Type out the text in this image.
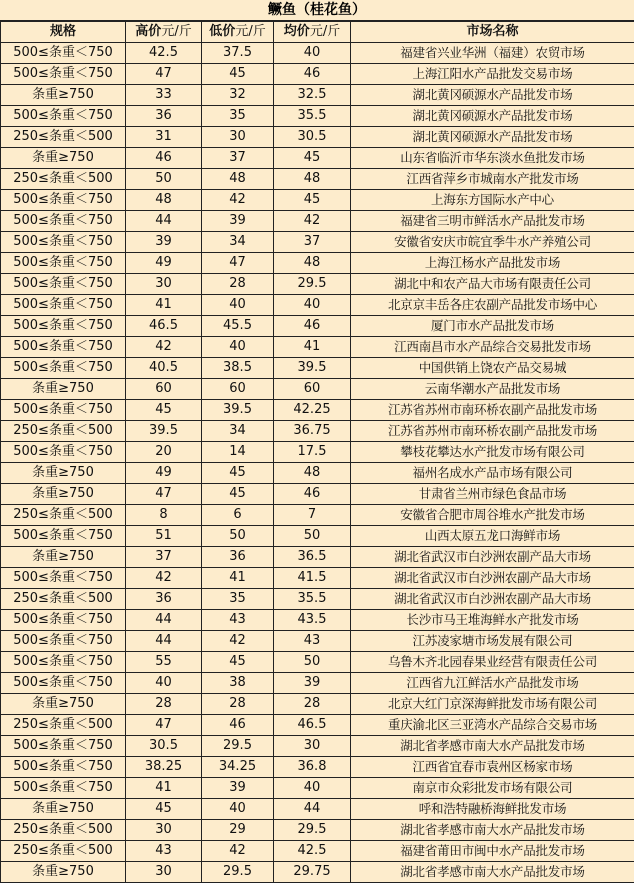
鳜鱼（桂花鱼）
规格	高价元/斤	低价元/斤	均价元/斤	市场名称
500≤条重＜750	42.5	37.5	40	福建省兴业华洲（福建）农贸市场
500≤条重＜750	47	45	46	上海江阳水产品批发交易市场
条重≥750	33	32	32.5	湖北黄冈硕源水产品批发市场
500≤条重＜750	36	35	35.5	湖北黄冈硕源水产品批发市场
250≤条重＜500	31	30	30.5	湖北黄冈硕源水产品批发市场
条重≥750	46	37	45	山东省临沂市华东淡水鱼批发市场
250≤条重＜500	50	48	48	江西省萍乡市城南水产批发市场
500≤条重＜750	48	42	45	上海东方国际水产中心
500≤条重＜750	44	39	42	福建省三明市鲜活水产品批发市场
500≤条重＜750	39	34	37	安徽省安庆市皖宜季牛水产养殖公司
500≤条重＜750	49	47	48	上海江杨水产品批发市场
500≤条重＜750	30	28	29.5	湖北中和农产品大市场有限责任公司
500≤条重＜750	41	40	40	北京京丰岳各庄农副产品批发市场中心
500≤条重＜750	46.5	45.5	46	厦门市水产品批发市场
500≤条重＜750	42	40	41	江西南昌市水产品综合交易批发市场
500≤条重＜750	40.5	38.5	39.5	中国供销上饶农产品交易城
条重≥750	60	60	60	云南华潮水产品批发市场
500≤条重＜750	45	39.5	42.25	江苏省苏州市南环桥农副产品批发市场
250≤条重＜500	39.5	34	36.75	江苏省苏州市南环桥农副产品批发市场
500≤条重＜750	20	14	17.5	攀枝花攀达水产批发市场有限公司
条重≥750	49	45	48	福州名成水产品市场有限公司
条重≥750	47	45	46	甘肃省兰州市绿色食品市场
250≤条重＜500	8	6	7	安徽省合肥市周谷堆水产批发市场
500≤条重＜750	51	50	50	山西太原五龙口海鲜市场
条重≥750	37	36	36.5	湖北省武汉市白沙洲农副产品大市场
500≤条重＜750	42	41	41.5	湖北省武汉市白沙洲农副产品大市场
250≤条重＜500	36	35	35.5	湖北省武汉市白沙洲农副产品大市场
500≤条重＜750	44	43	43.5	长沙市马王堆海鲜水产批发市场
500≤条重＜750	44	42	43	江苏凌家塘市场发展有限公司
500≤条重＜750	55	45	50	乌鲁木齐北园春果业经营有限责任公司
500≤条重＜750	40	38	39	江西省九江鲜活水产品批发市场
条重≥750	28	28	28	北京大红门京深海鲜批发市场有限公司
250≤条重＜500	47	46	46.5	重庆渝北区三亚湾水产品综合交易市场
500≤条重＜750	30.5	29.5	30	湖北省孝感市南大水产品批发市场
500≤条重＜750	38.25	34.25	36.8	江西省宜春市袁州区杨家市场
500≤条重＜750	41	39	40	南京市众彩批发市场有限公司
条重≥750	45	40	44	呼和浩特融桥海鲜批发市场
250≤条重＜500	30	29	29.5	湖北省孝感市南大水产品批发市场
250≤条重＜500	43	42	42.5	福建省莆田市闽中水产品批发市场
条重≥750	30	29.5	29.75	湖北省孝感市南大水产品批发市场
